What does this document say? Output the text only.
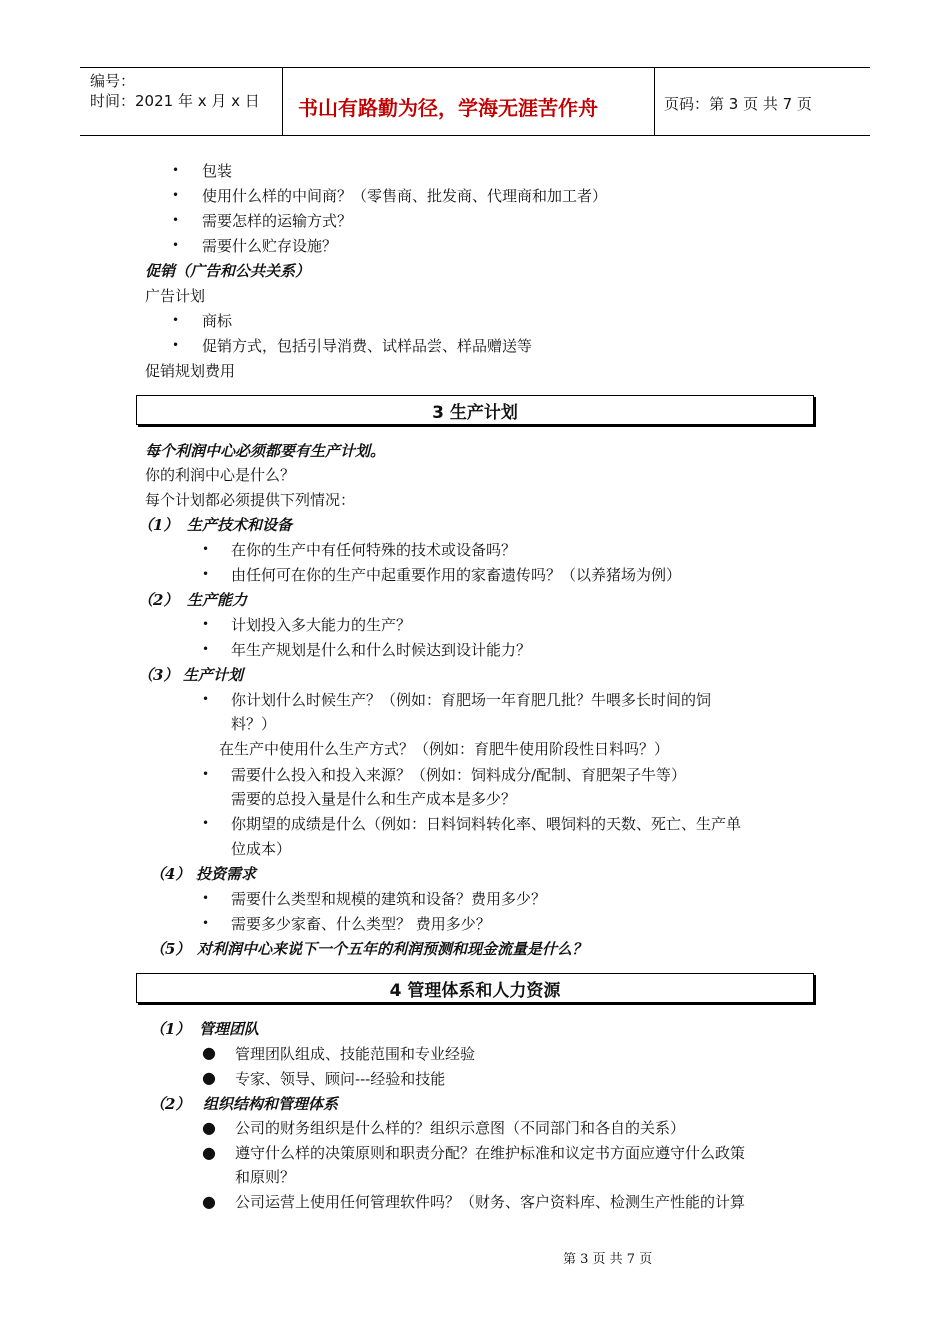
编号：
时间：2021 年 x 月 x 日 书山有路勤为径，学海无涯苦作舟	页码：第 3 页 共 7 页
• 包装
• 使用什么样的中间商？（零售商、批发商、代理商和加工者）
• 需要怎样的运输方式？
• 需要什么贮存设施？
促销（广告和公共关系）
广告计划
• 商标
• 促销方式，包括引导消费、试样品尝、样品赠送等
促销规划费用
3 生产计划
每个利润中心必须都要有生产计划。
你的利润中心是什么？
每个计划都必须提供下列情况：
（1） 生产技术和设备
• 在你的生产中有任何特殊的技术或设备吗？
• 由任何可在你的生产中起重要作用的家畜遗传吗？（以养猪场为例）
（2） 生产能力
• 计划投入多大能力的生产？
• 年生产规划是什么和什么时候达到设计能力？
（3） 生产计划
• 你计划什么时候生产？（例如：育肥场一年育肥几批？牛喂多长时间的饲
料？）
在生产中使用什么生产方式？（例如：育肥牛使用阶段性日料吗？）
• 需要什么投入和投入来源？（例如：饲料成分/配制、育肥架子牛等）
需要的总投入量是什么和生产成本是多少？
• 你期望的成绩是什么（例如：日料饲料转化率、喂饲料的天数、死亡、生产单
位成本）
（4） 投资需求
• 需要什么类型和规模的建筑和设备？费用多少？
• 需要多少家畜、什么类型？ 费用多少？
（5） 对利润中心来说下一个五年的利润预测和现金流量是什么？
4 管理体系和人力资源
（1） 管理团队
● 管理团队组成、技能范围和专业经验
● 专家、领导、顾问---经验和技能
（2） 组织结构和管理体系
● 公司的财务组织是什么样的？组织示意图（不同部门和各自的关系）
● 遵守什么样的决策原则和职责分配？在维护标准和议定书方面应遵守什么政策
和原则？
● 公司运营上使用任何管理软件吗？（财务、客户资料库、检测生产性能的计算
第 3 页 共 7 页
